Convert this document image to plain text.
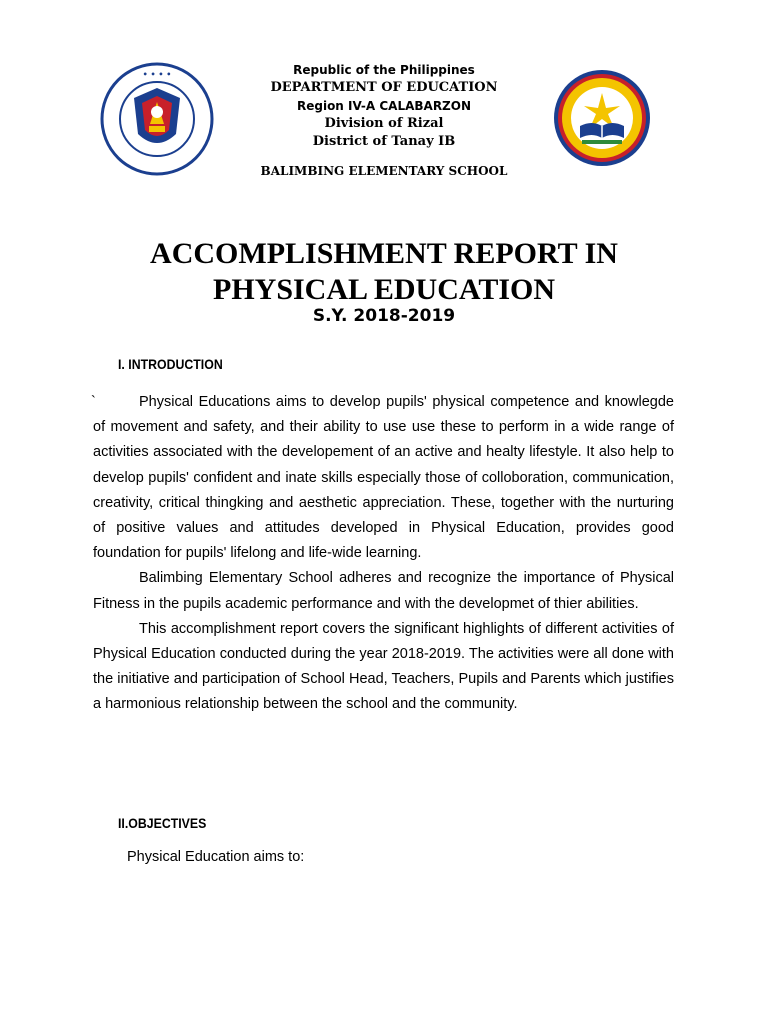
• • • •	Republic of the Philippines
DEPARTMENT OF EDUCATION
Region IV-A CALABARZON
Division of Rizal
District of Tanay IB
BALIMBING ELEMENTARY SCHOOL
ACCOMPLISHMENT REPORT IN
PHYSICAL EDUCATION
S.Y. 2018-2019
I. INTRODUCTION
`	Physical Educations aims to develop pupils' physical competence and knowlegde of movement and safety, and their ability to use use these to perform in a wide range of activities associated with the developement of an active and healty lifestyle. It also help to develop pupils' confident and inate skills especially those of colloboration, communication, creativity, critical thingking and aesthetic appreciation. These, together with the nurturing of positive values and attitudes developed in Physical Education, provides good foundation for pupils' lifelong and life-wide learning.

Balimbing Elementary School adheres and recognize the importance of Physical Fitness in the pupils academic performance and with the developmet of thier abilities.

This accomplishment report covers the significant highlights of different activities of Physical Education conducted during the year 2018-2019. The activities were all done with the initiative and participation of School Head, Teachers, Pupils and Parents which justifies a harmonious relationship between the school and the community.

II.OBJECTIVES
Physical Education aims to:
